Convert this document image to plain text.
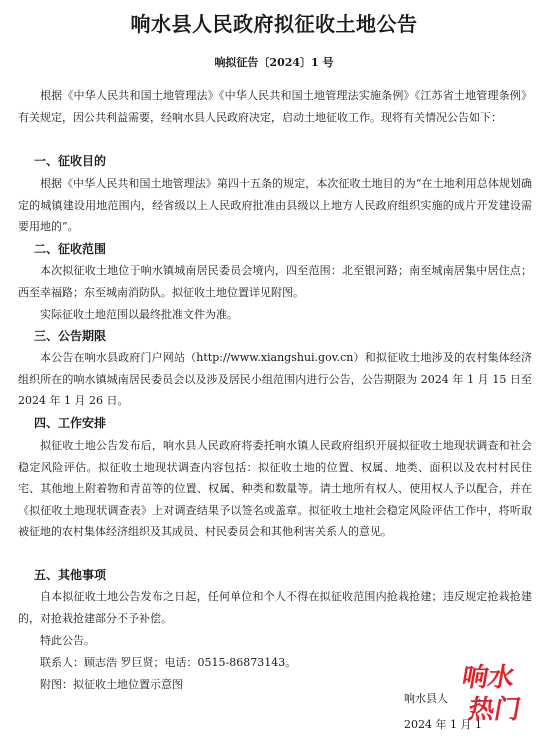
响水县人民政府拟征收土地公告
响拟征告〔2024〕1 号

根据《中华人民共和国土地管理法》《中华人民共和国土地管理法实施条例》《江苏省土地管理条例》有关规定，因公共利益需要，经响水县人民政府决定，启动土地征收工作。现将有关情况公告如下：

一、征收目的

根据《中华人民共和国土地管理法》第四十五条的规定，本次征收土地目的为“在土地利用总体规划确定的城镇建设用地范围内，经省级以上人民政府批准由县级以上地方人民政府组织实施的成片开发建设需要用地的”。

二、征收范围

本次拟征收土地位于响水镇城南居民委员会境内，四至范围：北至银河路；南至城南居集中居住点；西至幸福路；东至城南消防队。拟征收土地位置详见附图。

实际征收土地范围以最终批准文件为准。

三、公告期限

本公告在响水县政府门户网站（http://www.xiangshui.gov.cn）和拟征收土地涉及的农村集体经济组织所在的响水镇城南居民委员会以及涉及居民小组范围内进行公告，公告期限为 2024 年 1 月 15 日至 2024 年 1 月 26 日。

四、工作安排

拟征收土地公告发布后，响水县人民政府将委托响水镇人民政府组织开展拟征收土地现状调查和社会稳定风险评估。拟征收土地现状调查内容包括：拟征收土地的位置、权属、地类、面积以及农村村民住宅、其他地上附着物和青苗等的位置、权属、种类和数量等。请土地所有权人、使用权人予以配合，并在《拟征收土地现状调查表》上对调查结果予以签名或盖章。拟征收土地社会稳定风险评估工作中，将听取被征地的农村集体经济组织及其成员、村民委员会和其他利害关系人的意见。

五、其他事项

自本拟征收土地公告发布之日起，任何单位和个人不得在拟征收范围内抢栽抢建；违反规定抢栽抢建的，对抢栽抢建部分不予补偿。

特此公告。

联系人：顾志浩 罗巨贤；电话：0515-86873143。

附图：拟征收土地位置示意图

响水县人
2024 年 1 月 1
响水
热门
